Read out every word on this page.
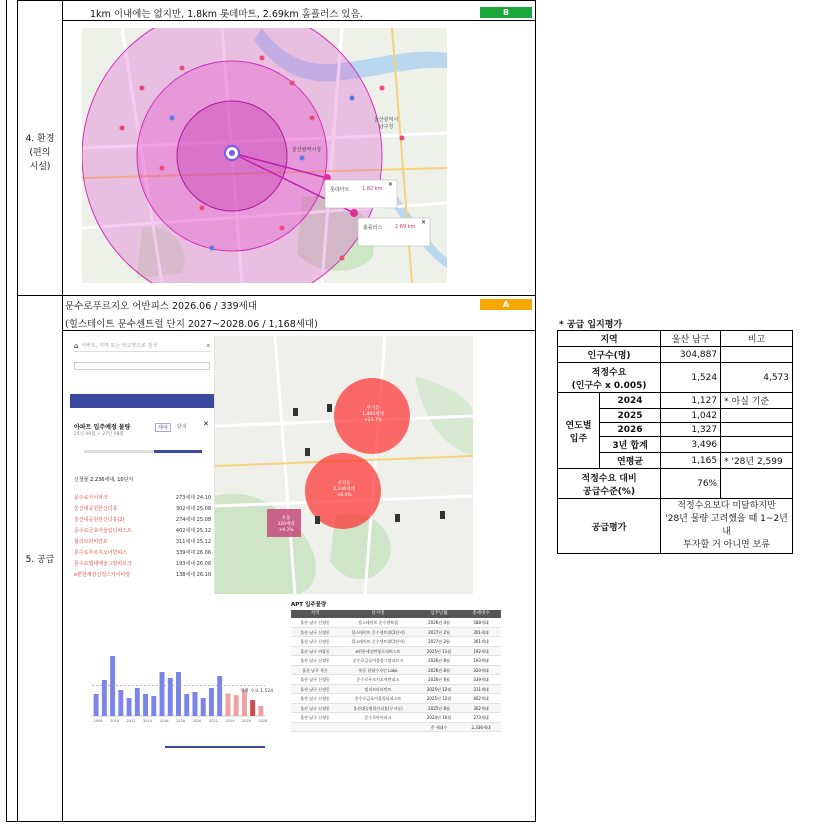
4. 환경
(편의
시설)
1km 이내에는 없지만, 1.8km 롯데마트, 2.69km 홈플러스 있음.	B
울산광역시청
울산광역시
남구청
롯데마트	1.82 km
홈플러스	2.69 km
✕
✕
5. 공급
문수로푸르지오 어반피스 2026.06 / 339세대
(힐스테이트 문수센트럴 단지 2027~2028.06 / 1,168세대)
A
⌂ 아파트, 지역 또는 학교명으로 검색	⌕
아파트 입주예정 물량
24년 09월 ~ 27년 08월
세대	단지 ✕
신청물 2,236세대, 10단지
문수로아이파크	273세대 24.10
울산대공원한신더휴	302세대 25.08
울산대공원한신더휴(2)	274세대 25.08
문수로금호어울림더퍼스트	402세대 25.12
월리브라비반트	311세대 25.12
문수로푸르지오어반피스	339세대 26.06
문수로엘대예술그랑파르크	193세대 26.08
e편한세상신정스카이마랑	138세대 26.10
무거동
1,464세대
+23.7%
신정동
2,236세대
+8.4%
옥동
320세대
+4.2%
2008 2010 2012 2014 2016 2018 2020 2022 2024 2026 2028
적정 수요 1,524
APT 입주물량
지역	단지명	입주년월	총세대수
울산 남구 신정동	힐스테이트 문수센트럴	2026년 4월	588세대
울산 남구 신정동	힐스테이트 문수센트럴(2단지)	2027년 2월	301세대
울산 남구 신정동	힐스테이트 문수센트럴(1단지)	2027년 2월	301세대
울산 남구 야음동	e편한세상번영로리버스트	2025년 11월	192세대
울산 남구 신정동	문수로금호어울림그랑파르크	2026년 8월	193세대
울산 남구 옥동	옥동 한양수자인 Lake	2026년 8월	320세대
울산 남구 신정동	문수로푸르지오어반피스	2026년 6월	339세대
울산 남구 신정동	빌리브라비반트	2025년 12월	311세대
울산 남구 신정동	문수로금호어울림더퍼스트	2025년 12월	402세대
울산 남구 신정동	울산대공원한신더휴(무거동)	2025년 8월	302세대
울산 남구 신정동	문수로아이파크	2024년 10월	273세대
총 세대수	2,336세대
* 공급 입지평가
지역		울산 남구	비고
인구수(명)		304,887	
적정수요
(인구수 x 0.005)		1,524	4,573
연도별
입주	2024	1,127	* 아실 기준
	2025	1,042	
	2026	1,327	
	3년 합계	3,496	
	연평균	1,165	* '28년 2,599
적정수요 대비
공급수준(%)		76%	
공급평가		적정수요보다 미달하지만
'28년 물량 고려했을 때 1~2년 내
투자할 거 아니면 보류	
